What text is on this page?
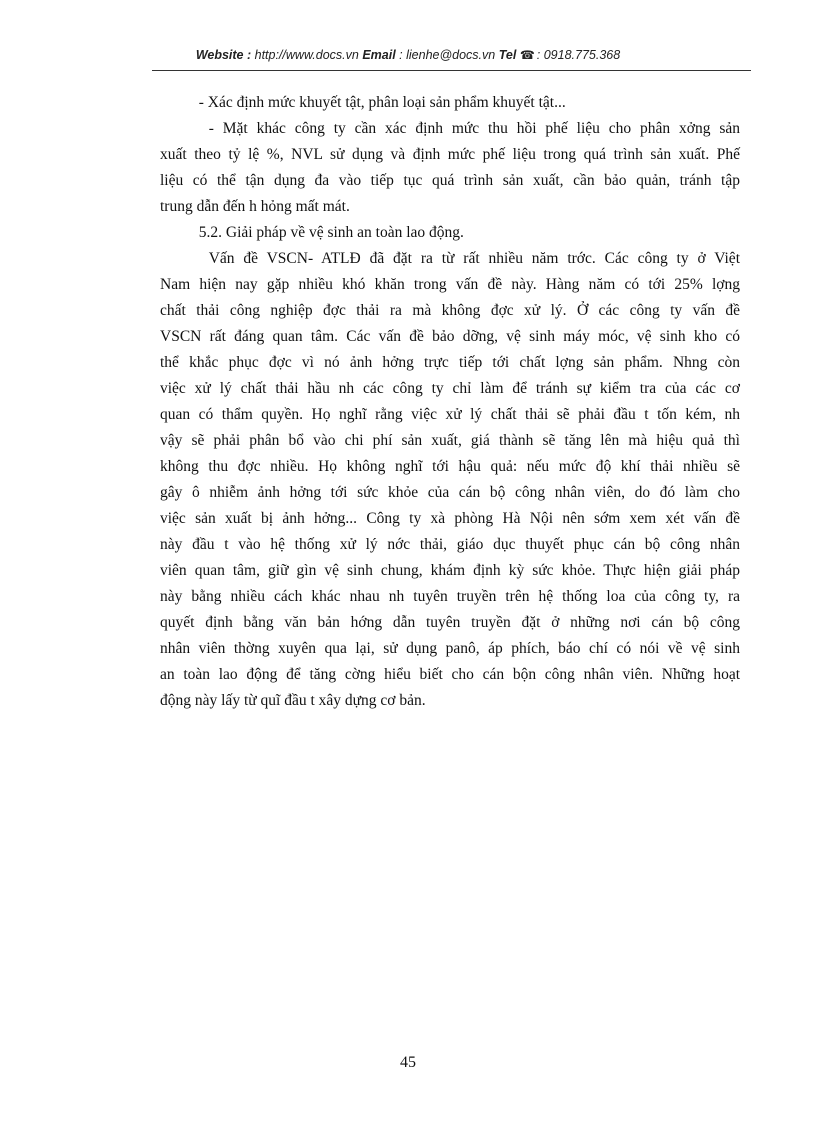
Website : http://www.docs.vn Email : lienhe@docs.vn Tel ☎ : 0918.775.368
    - Xác định mức khuyết tật, phân loại sản phẩm khuyết tật...
    - Mặt khác công ty cần xác định mức thu hồi phế liệu cho phân xởng sản
xuất theo tỷ lệ %, NVL sử dụng và định mức phế liệu trong quá trình sản xuất. Phế
liệu có thể tận dụng đa vào tiếp tục quá trình sản xuất, cần bảo quản, tránh tập
trung dẫn đến h hỏng mất mát.
    5.2. Giải pháp về vệ sinh an toàn lao động.
    Vấn đề VSCN- ATLĐ đã đặt ra từ rất nhiều năm trớc. Các công ty ở Việt
Nam hiện nay gặp nhiều khó khăn trong vấn đề này. Hàng năm có tới 25% lợng
chất thải công nghiệp đợc thải ra mà không đợc xử lý. Ở các công ty vấn đề
VSCN rất đáng quan tâm. Các vấn đề bảo dỡng, vệ sinh máy móc, vệ sinh kho có
thể khắc phục đợc vì nó ảnh hởng trực tiếp tới chất lợng sản phẩm. Nhng còn
việc xử lý chất thải hầu nh các công ty chỉ làm để tránh sự kiểm tra của các cơ
quan có thẩm quyền. Họ nghĩ rằng việc xử lý chất thải sẽ phải đầu t tốn kém, nh
vậy sẽ phải phân bổ vào chi phí sản xuất, giá thành sẽ tăng lên mà hiệu quả thì
không thu đợc nhiều. Họ không nghĩ tới hậu quả: nếu mức độ khí thải nhiều sẽ
gây ô nhiễm ảnh hởng tới sức khỏe của cán bộ công nhân viên, do đó làm cho
việc sản xuất bị ảnh hởng... Công ty xà phòng Hà Nội nên sớm xem xét vấn đề
này đầu t vào hệ thống xử lý nớc thải, giáo dục thuyết phục cán bộ công nhân
viên quan tâm, giữ gìn vệ sinh chung, khám định kỳ sức khỏe. Thực hiện giải pháp
này bằng nhiều cách khác nhau nh tuyên truyền trên hệ thống loa của công ty, ra
quyết định bằng văn bản hớng dẫn tuyên truyền đặt ở những nơi cán bộ công
nhân viên thờng xuyên qua lại, sử dụng panô, áp phích, báo chí có nói về vệ sinh
an toàn lao động để tăng cờng hiểu biết cho cán bộn công nhân viên. Những hoạt
động này lấy từ quĩ đầu t xây dựng cơ bản.
45
